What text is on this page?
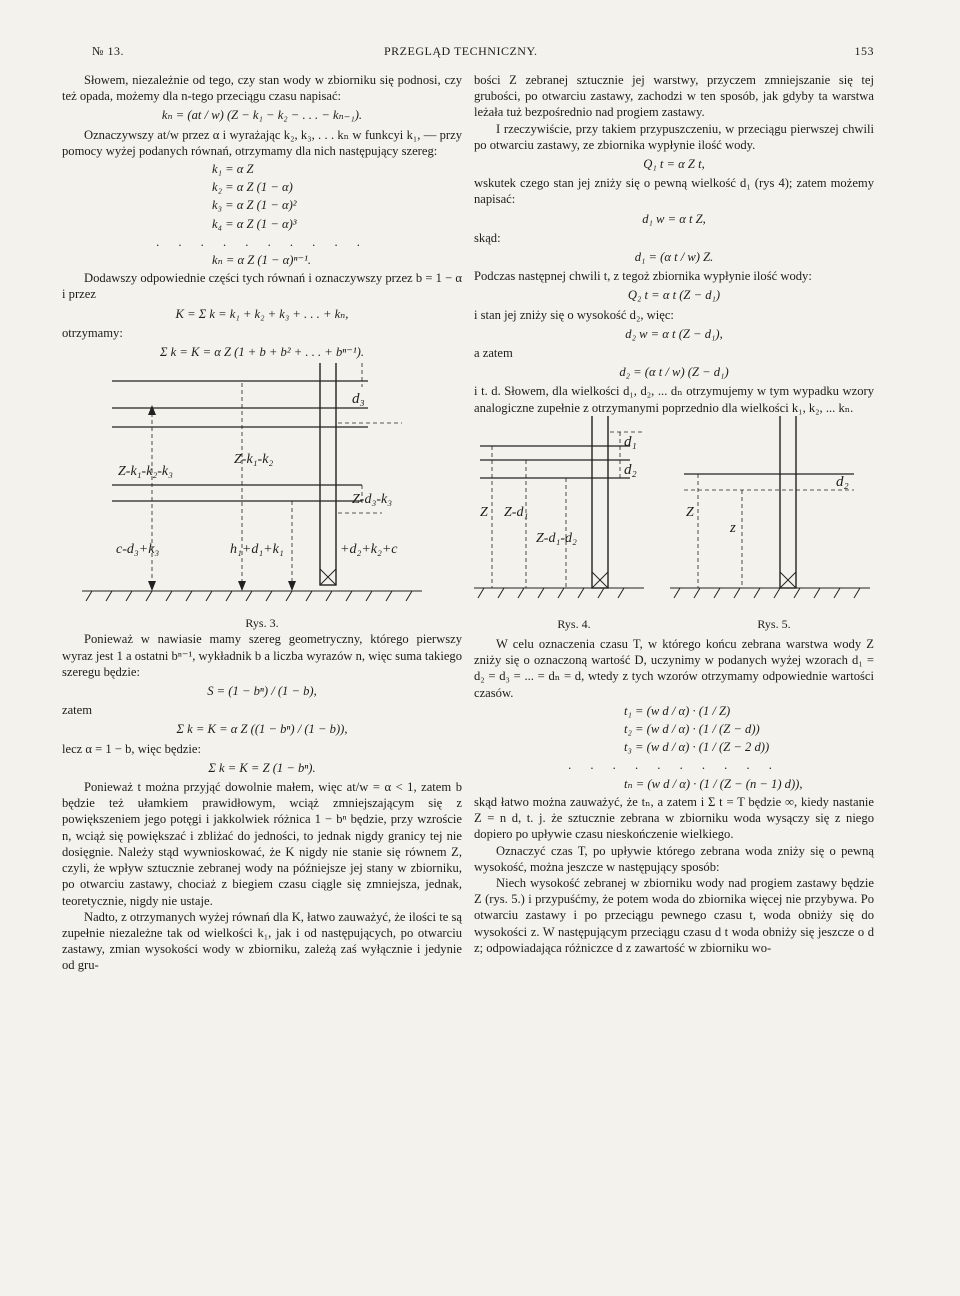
№ 13.	PRZEGLĄD TECHNICZNY.	153

Słowem, niezależnie od tego, czy stan wody w zbiorniku się podnosi, czy też opada, możemy dla n-tego przeciągu czasu napisać:

kₙ = (at / w) (Z − k₁ − k₂ − . . . − kₙ₋₁).

Oznaczywszy at/w przez α i wyrażając k₂, k₃, . . . kₙ w funkcyi k₁, — przy pomocy wyżej podanych równań, otrzymamy dla nich następujący szereg:

k₁ = α Z
k₂ = α Z (1 − α)
k₃ = α Z (1 − α)²
k₄ = α Z (1 − α)³
. . . . . . . . . .
kₙ = α Z (1 − α)ⁿ⁻¹.

Dodawszy odpowiednie części tych równań i oznaczywszy przez b = 1 − α i przez

K = Σ k = k₁ + k₂ + k₃ + . . . + kₙ,

otrzymamy:

Σ k = K = α Z (1 + b + b² + . . . + bⁿ⁻¹).
d₃
Z-k₁-k₂-k₃
Z-k₁-k₂
Z-d₃-k₃
c-d₃+k₃	h₁+d₁+k₁	+d₂+k₂+c

Rys. 3.

Ponieważ w nawiasie mamy szereg geometryczny, którego pierwszy wyraz jest 1 a ostatni bⁿ⁻¹, wykładnik b a liczba wyrazów n, więc suma takiego szeregu będzie:

S = (1 − bⁿ) / (1 − b),
zatem
Σ k = K = α Z ((1 − bⁿ) / (1 − b)),

lecz α = 1 − b, więc będzie:

Σ k = K = Z (1 − bⁿ).

Ponieważ t można przyjąć dowolnie małem, więc at/w = α < 1, zatem b będzie też ułamkiem prawidłowym, wciąż zmniejszającym się z powiększeniem jego potęgi i jakkolwiek różnica 1 − bⁿ będzie, przy wzroście n, wciąż się powiększać i zbliżać do jedności, to jednak nigdy granicy tej nie dosięgnie. Należy stąd wywnioskować, że K nigdy nie stanie się równem Z, czyli, że wpływ sztucznie zebranej wody na późniejsze jej stany w zbiorniku, po otwarciu zastawy, chociaż z biegiem czasu ciągle się zmniejsza, jednak, teoretycznie, nigdy nie ustaje.

Nadto, z otrzymanych wyżej równań dla K, łatwo zauważyć, że ilości te są zupełnie niezależne tak od wielkości k₁, jak i od następujących, po otwarciu zastawy, zmian wysokości wody w zbiorniku, zależą zaś wyłącznie i jedynie od gru-

bości Z zebranej sztucznie jej warstwy, przyczem zmniejszanie się tej grubości, po otwarciu zastawy, zachodzi w ten sposób, jak gdyby ta warstwa leżała tuż bezpośrednio nad progiem zastawy.

I rzeczywiście, przy takiem przypuszczeniu, w przeciągu pierwszej chwili po otwarciu zastawy, ze zbiornika wypłynie ilość wody.

Q₁ t = α Z t,

wskutek czego stan jej zniży się o pewną wielkość d₁ (rys 4); zatem możemy napisać:

d₁ w = α t Z,
skąd:
d₁ = (α t / w) Z.

Podczas następnej chwili t, z tegoż zbiornika wypłynie ilość wody:

Q₂ t = α t (Z − d₁)

i stan jej zniży się o wysokość d₂, więc:

d₂ w = α t (Z − d₁),
a zatem
d₂ = (α t / w) (Z − d₁)

i t. d. Słowem, dla wielkości d₁, d₂, ... dₙ otrzymujemy w tym wypadku wzory analogiczne zupełnie z otrzymanymi poprzednio dla wielkości k₁, k₂, ... kₙ.

d₁
d₂
Z Z-d₁
Z-d₁-d₂
d₂
Z
z
Rys. 4.	Rys. 5.

W celu oznaczenia czasu T, w którego końcu zebrana warstwa wody Z zniży się o oznaczoną wartość D, uczynimy w podanych wyżej wzorach d₁ = d₂ = d₃ = ... = dₙ = d, wtedy z tych wzorów otrzymamy odpowiednie wartości czasów.

t₁ = (w d / α) · (1 / Z)
t₂ = (w d / α) · (1 / (Z − d))
t₃ = (w d / α) · (1 / (Z − 2 d))
. . . . . . . . . .
tₙ = (w d / α) · (1 / (Z − (n − 1) d)),

skąd łatwo można zauważyć, że tₙ, a zatem i Σ t = T będzie ∞, kiedy nastanie Z = n d, t. j. że sztucznie zebrana w zbiorniku woda wysączy się z niego dopiero po upływie czasu nieskończenie wielkiego.

Oznaczyć czas T, po upływie którego zebrana woda zniży się o pewną wysokość, można jeszcze w następujący sposób:

Niech wysokość zebranej w zbiorniku wody nad progiem zastawy będzie Z (rys. 5.) i przypuśćmy, że potem woda do zbiornika więcej nie przybywa. Po otwarciu zastawy i po przeciągu pewnego czasu t, woda obniży się do wysokości z. W następującym przeciągu czasu d t woda obniży się jeszcze o d z; odpowiadająca różniczce d z zawartość w zbiorniku wo-
